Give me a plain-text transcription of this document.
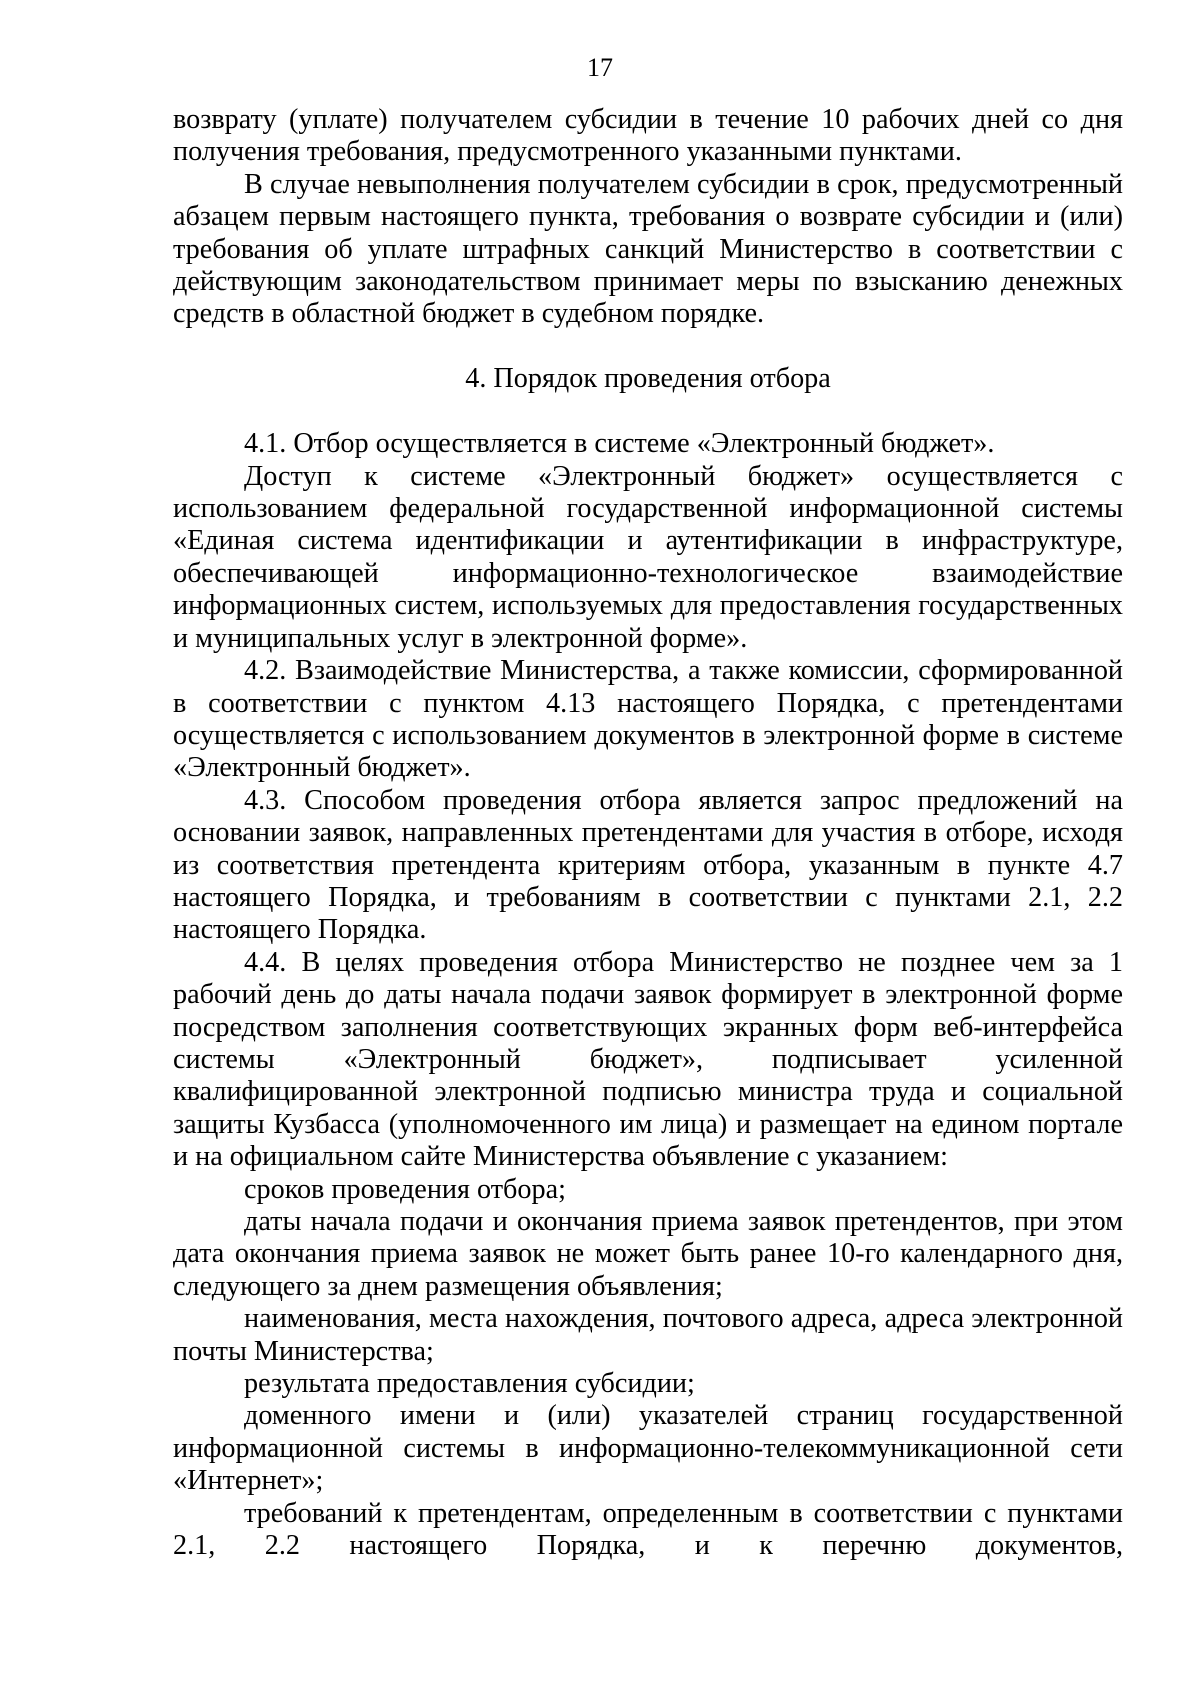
17

возврату (уплате) получателем субсидии в течение 10 рабочих дней со дня получения требования, предусмотренного указанными пунктами.

В случае невыполнения получателем субсидии в срок, предусмотренный абзацем первым настоящего пункта, требования о возврате субсидии и (или) требования об уплате штрафных санкций Министерство в соответствии с действующим законодательством принимает меры по взысканию денежных средств в областной бюджет в судебном порядке.

4. Порядок проведения отбора

4.1. Отбор осуществляется в системе «Электронный бюджет».

Доступ к системе «Электронный бюджет» осуществляется с использованием федеральной государственной информационной системы «Единая система идентификации и аутентификации в инфраструктуре, обеспечивающей информационно-технологическое взаимодействие информационных систем, используемых для предоставления государственных и муниципальных услуг в электронной форме».

4.2. Взаимодействие Министерства, а также комиссии, сформированной в соответствии с пунктом 4.13 настоящего Порядка, с претендентами осуществляется с использованием документов в электронной форме в системе «Электронный бюджет».

4.3. Способом проведения отбора является запрос предложений на основании заявок, направленных претендентами для участия в отборе, исходя из соответствия претендента критериям отбора, указанным в пункте 4.7 настоящего Порядка, и требованиям в соответствии с пунктами 2.1, 2.2 настоящего Порядка.

4.4. В целях проведения отбора Министерство не позднее чем за 1 рабочий день до даты начала подачи заявок формирует в электронной форме посредством заполнения соответствующих экранных форм веб-интерфейса системы «Электронный бюджет», подписывает усиленной квалифицированной электронной подписью министра труда и социальной защиты Кузбасса (уполномоченного им лица) и размещает на едином портале и на официальном сайте Министерства объявление с указанием:

сроков проведения отбора;

даты начала подачи и окончания приема заявок претендентов, при этом дата окончания приема заявок не может быть ранее 10-го календарного дня, следующего за днем размещения объявления;

наименования, места нахождения, почтового адреса, адреса электронной почты Министерства;

результата предоставления субсидии;

доменного имени и (или) указателей страниц государственной информационной системы в информационно-телекоммуникационной сети «Интернет»;

требований к претендентам, определенным в соответствии с пунктами 2.1, 2.2 настоящего Порядка, и к перечню документов,
